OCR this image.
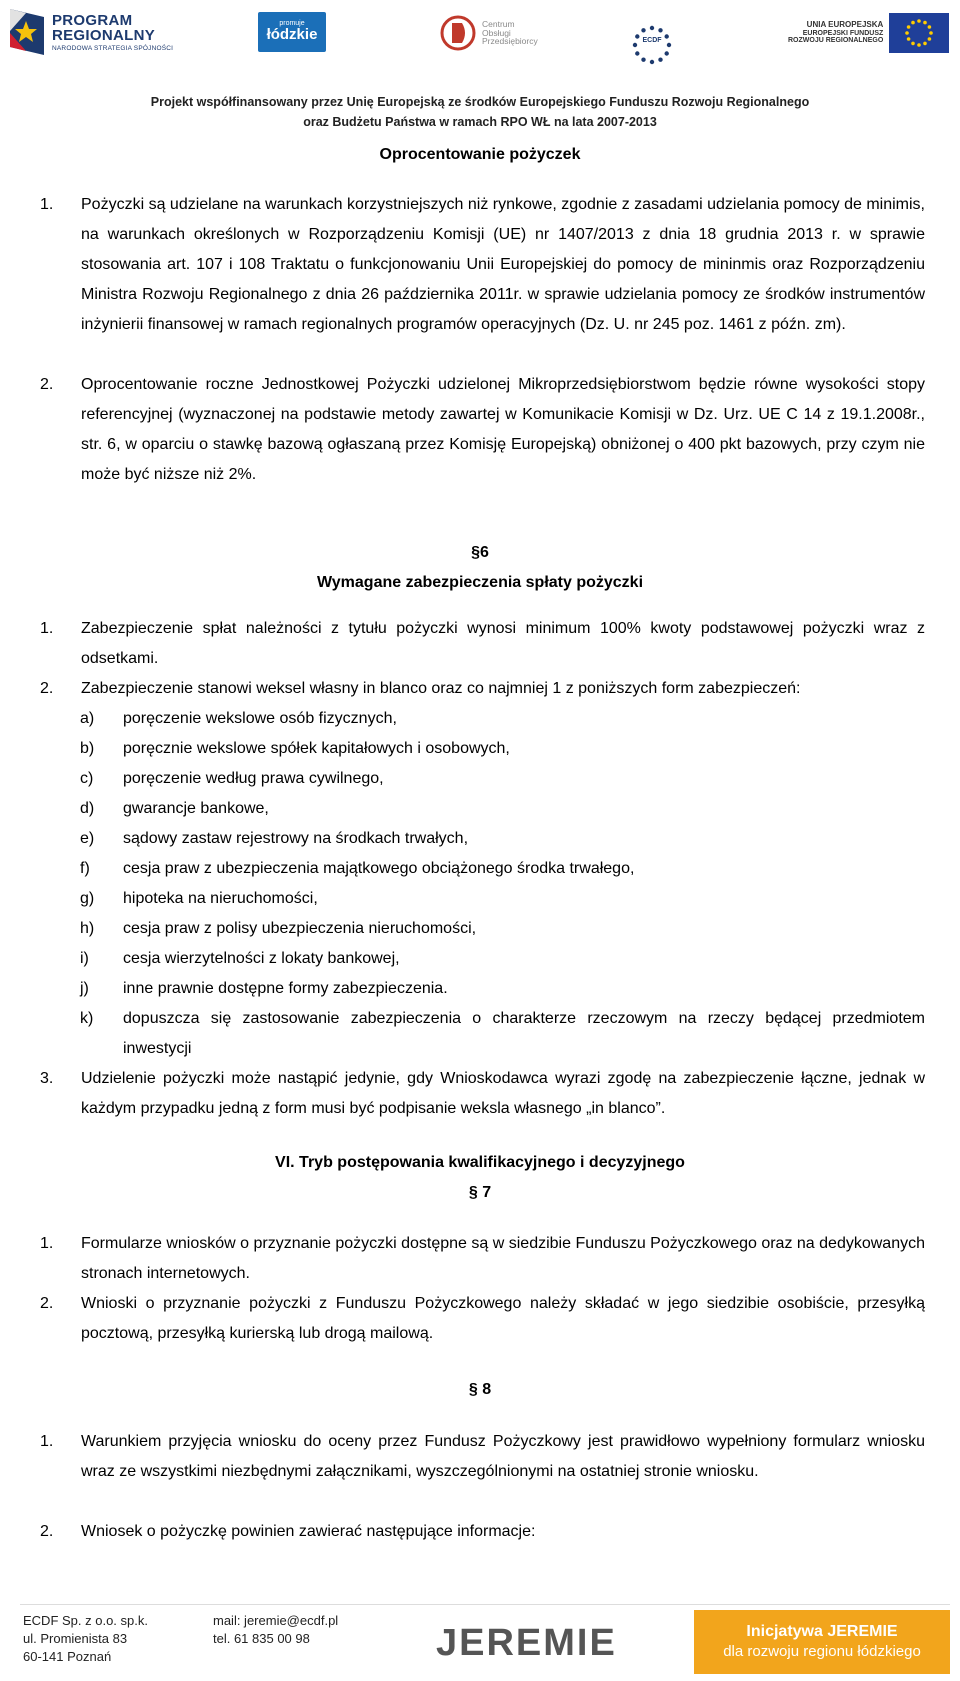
PROGRAM
REGIONALNY
NARODOWA STRATEGIA SPÓJNOŚCI
promuje
łódzkie
Centrum
Obsługi
Przedsiębiorcy	ECDF
UNIA EUROPEJSKA
EUROPEJSKI FUNDUSZ
ROZWOJU REGIONALNEGO
Projekt współfinansowany przez Unię Europejską ze środków Europejskiego Funduszu Rozwoju Regionalnego
oraz Budżetu Państwa w ramach RPO WŁ na lata 2007-2013
Oprocentowanie pożyczek
1. Pożyczki są udzielane na warunkach korzystniejszych niż rynkowe, zgodnie z zasadami udzielania pomocy de minimis, na warunkach określonych w Rozporządzeniu Komisji (UE) nr 1407/2013 z dnia 18 grudnia 2013 r. w sprawie stosowania art. 107 i 108 Traktatu o funkcjonowaniu Unii Europejskiej do pomocy de mininmis oraz Rozporządzeniu Ministra Rozwoju Regionalnego z dnia 26 października 2011r. w sprawie udzielania pomocy ze środków instrumentów inżynierii finansowej w ramach regionalnych programów operacyjnych (Dz. U. nr 245 poz. 1461 z późn. zm).
2. Oprocentowanie roczne Jednostkowej Pożyczki udzielonej Mikroprzedsiębiorstwom będzie równe wysokości stopy referencyjnej (wyznaczonej na podstawie metody zawartej w Komunikacie Komisji w Dz. Urz. UE C 14 z 19.1.2008r., str. 6, w oparciu o stawkę bazową ogłaszaną przez Komisję Europejską) obniżonej o 400 pkt bazowych, przy czym nie może być niższe niż 2%.
§6
Wymagane zabezpieczenia spłaty pożyczki
1. Zabezpieczenie spłat należności z tytułu pożyczki wynosi minimum 100% kwoty podstawowej pożyczki wraz z odsetkami.
2. Zabezpieczenie stanowi weksel własny in blanco oraz co najmniej 1 z poniższych form zabezpieczeń:
a) poręczenie wekslowe osób fizycznych,
b) poręcznie wekslowe spółek kapitałowych i osobowych,
c) poręczenie według prawa cywilnego,
d) gwarancje bankowe,
e) sądowy zastaw rejestrowy na środkach trwałych,
f) cesja praw z ubezpieczenia majątkowego obciążonego środka trwałego,
g) hipoteka na nieruchomości,
h) cesja praw z polisy ubezpieczenia nieruchomości,
i) cesja wierzytelności z lokaty bankowej,
j) inne prawnie dostępne formy zabezpieczenia.
k) dopuszcza się zastosowanie zabezpieczenia o charakterze rzeczowym na rzeczy będącej przedmiotem inwestycji
3. Udzielenie pożyczki może nastąpić jedynie, gdy Wnioskodawca wyrazi zgodę na zabezpieczenie łączne, jednak w każdym przypadku jedną z form musi być podpisanie weksla własnego „in blanco”.
VI. Tryb postępowania kwalifikacyjnego i decyzyjnego
§ 7
1. Formularze wniosków o przyznanie pożyczki dostępne są w siedzibie Funduszu Pożyczkowego oraz na dedykowanych stronach internetowych.
2. Wnioski o przyznanie pożyczki z Funduszu Pożyczkowego należy składać w jego siedzibie osobiście, przesyłką pocztową, przesyłką kurierską lub drogą mailową.
§ 8
1. Warunkiem przyjęcia wniosku do oceny przez Fundusz Pożyczkowy jest prawidłowo wypełniony formularz wniosku wraz ze wszystkimi niezbędnymi załącznikami, wyszczególnionymi na ostatniej stronie wniosku.
2. Wniosek o pożyczkę powinien zawierać następujące informacje:
ECDF Sp. z o.o. sp.k.
ul. Promienista 83
60-141 Poznań
mail: jeremie@ecdf.pl
tel. 61 835 00 98	JEREMIE	Inicjatywa JEREMIE
dla rozwoju regionu łódzkiego
